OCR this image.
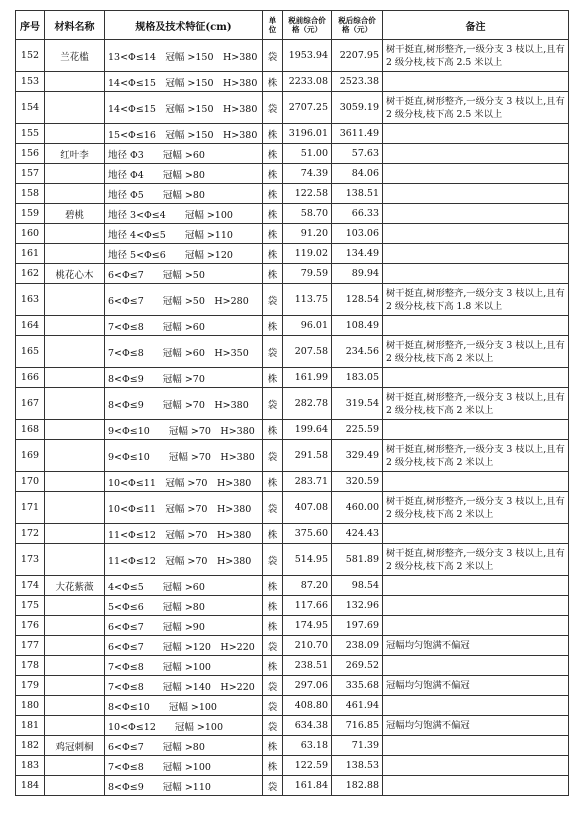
序号	材料名称	规格及技术特征(cm)	单位	税前综合价格（元）	税后综合价格（元）	备注
152	兰花槛	13<Φ≤14　冠幅 >150　H>380	袋	1953.94	2207.95	树干挺直,树形整齐,一级分支 3 枝以上,且有 2 级分枝,枝下高 2.5 米以上
153		14<Φ≤15　冠幅 >150　H>380	株	2233.08	2523.38	
154		14<Φ≤15　冠幅 >150　H>380	袋	2707.25	3059.19	树干挺直,树形整齐,一级分支 3 枝以上,且有 2 级分枝,枝下高 2.5 米以上
155		15<Φ≤16　冠幅 >150　H>380	株	3196.01	3611.49	
156	红叶李	地径 Φ3　　冠幅 >60	株	51.00	57.63	
157		地径 Φ4　　冠幅 >80	株	74.39	84.06	
158		地径 Φ5　　冠幅 >80	株	122.58	138.51	
159	碧桃	地径 3<Φ≤4　　冠幅 >100	株	58.70	66.33	
160		地径 4<Φ≤5　　冠幅 >110	株	91.20	103.06	
161		地径 5<Φ≤6　　冠幅 >120	株	119.02	134.49	
162	桃花心木	6<Φ≤7　　冠幅 >50	株	79.59	89.94	
163		6<Φ≤7　　冠幅 >50　H>280	袋	113.75	128.54	树干挺直,树形整齐,一级分支 3 枝以上,且有 2 级分枝,枝下高 1.8 米以上
164		7<Φ≤8　　冠幅 >60	株	96.01	108.49	
165		7<Φ≤8　　冠幅 >60　H>350	袋	207.58	234.56	树干挺直,树形整齐,一级分支 3 枝以上,且有 2 级分枝,枝下高 2 米以上
166		8<Φ≤9　　冠幅 >70	株	161.99	183.05	
167		8<Φ≤9　　冠幅 >70　H>380	袋	282.78	319.54	树干挺直,树形整齐,一级分支 3 枝以上,且有 2 级分枝,枝下高 2 米以上
168		9<Φ≤10　　冠幅 >70　H>380	株	199.64	225.59	
169		9<Φ≤10　　冠幅 >70　H>380	袋	291.58	329.49	树干挺直,树形整齐,一级分支 3 枝以上,且有 2 级分枝,枝下高 2 米以上
170		10<Φ≤11　冠幅 >70　H>380	株	283.71	320.59	
171		10<Φ≤11　冠幅 >70　H>380	袋	407.08	460.00	树干挺直,树形整齐,一级分支 3 枝以上,且有 2 级分枝,枝下高 2 米以上
172		11<Φ≤12　冠幅 >70　H>380	株	375.60	424.43	
173		11<Φ≤12　冠幅 >70　H>380	袋	514.95	581.89	树干挺直,树形整齐,一级分支 3 枝以上,且有 2 级分枝,枝下高 2 米以上
174	大花紫薇	4<Φ≤5　　冠幅 >60	株	87.20	98.54	
175		5<Φ≤6　　冠幅 >80	株	117.66	132.96	
176		6<Φ≤7　　冠幅 >90	株	174.95	197.69	
177		6<Φ≤7　　冠幅 >120　H>220	袋	210.70	238.09	冠幅均匀饱满不偏冠
178		7<Φ≤8　　冠幅 >100	株	238.51	269.52	
179		7<Φ≤8　　冠幅 >140　H>220	袋	297.06	335.68	冠幅均匀饱满不偏冠
180		8<Φ≤10　　冠幅 >100	袋	408.80	461.94	
181		10<Φ≤12　　冠幅 >100	袋	634.38	716.85	冠幅均匀饱满不偏冠
182	鸡冠刺桐	6<Φ≤7　　冠幅 >80	株	63.18	71.39	
183		7<Φ≤8　　冠幅 >100	株	122.59	138.53	
184		8<Φ≤9　　冠幅 >110	袋	161.84	182.88	
